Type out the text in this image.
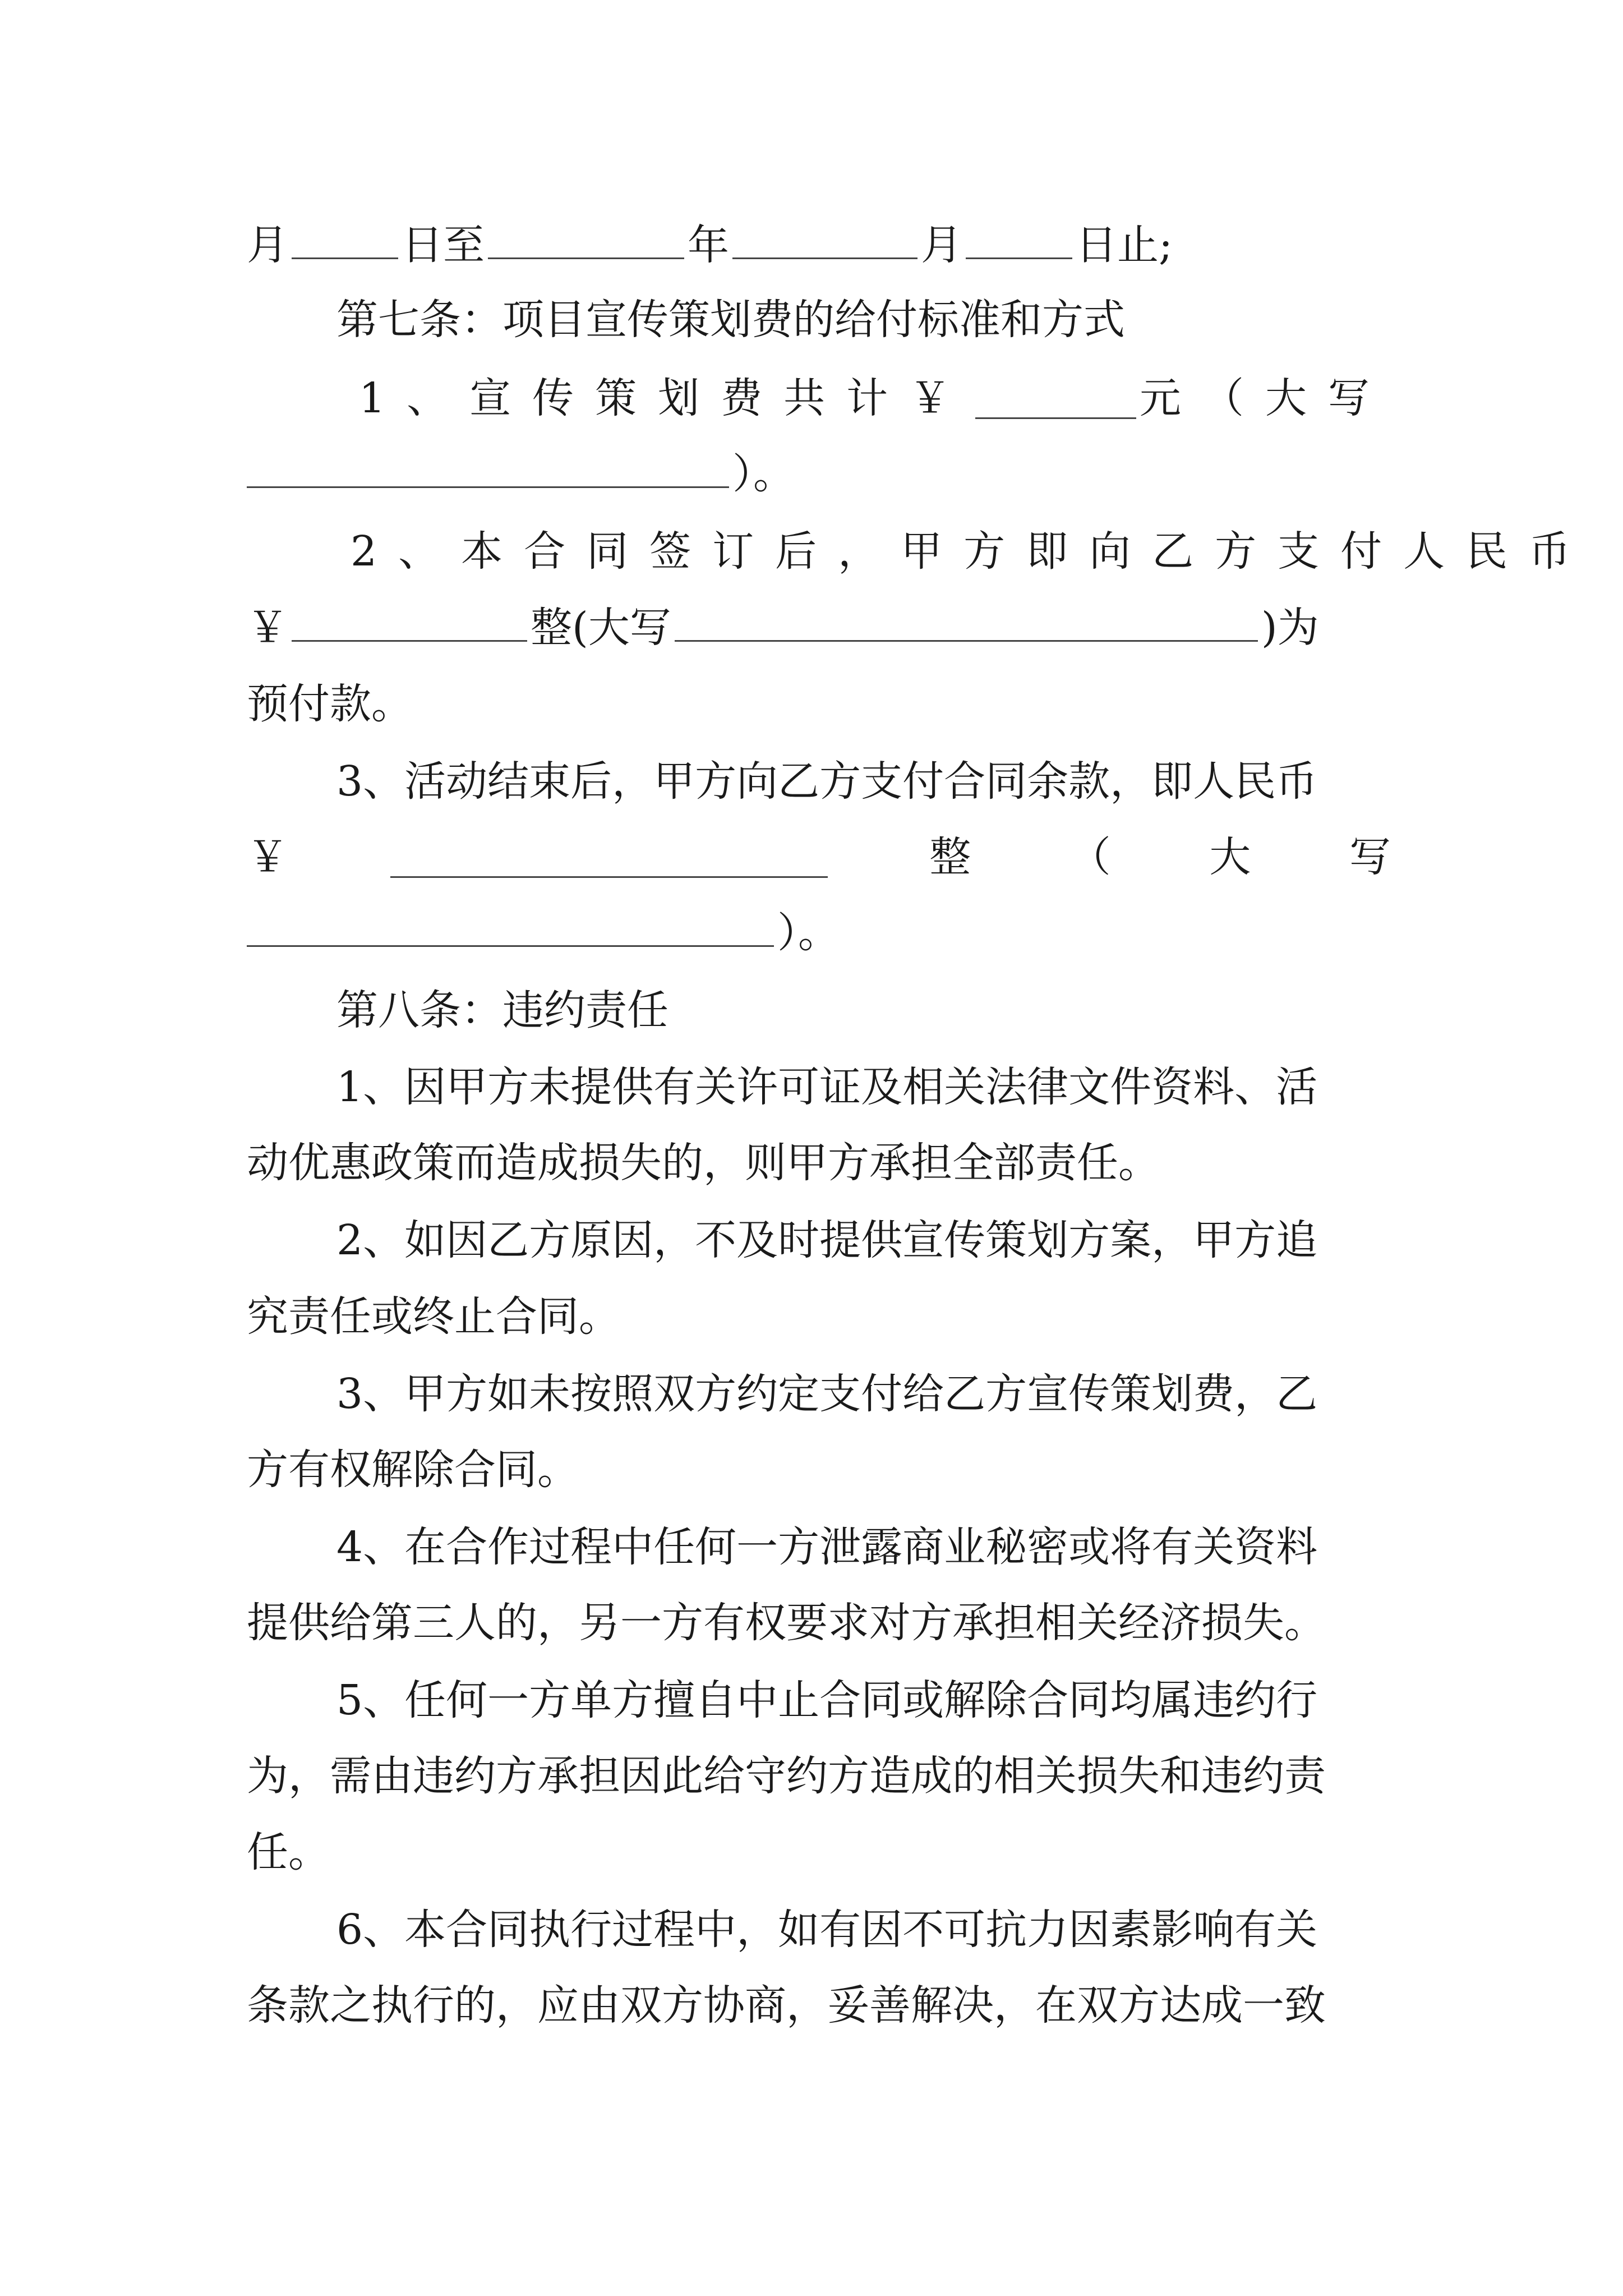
月	日至	年	月	日止;
第七条：项目宣传策划费的给付标准和方式
1、宣传策划费共计￥	元（大写
）。
2、本合同签订后，甲方即向乙方支付人民币
￥	整(大写	)为
预付款。
3、活动结束后，甲方向乙方支付合同余款，即人民币
￥	整 （ 大 写
）。
第八条：违约责任
1、因甲方未提供有关许可证及相关法律文件资料、活
动优惠政策而造成损失的，则甲方承担全部责任。
2、如因乙方原因，不及时提供宣传策划方案，甲方追
究责任或终止合同。
3、甲方如未按照双方约定支付给乙方宣传策划费，乙
方有权解除合同。
4、在合作过程中任何一方泄露商业秘密或将有关资料
提供给第三人的，另一方有权要求对方承担相关经济损失。
5、任何一方单方擅自中止合同或解除合同均属违约行
为，需由违约方承担因此给守约方造成的相关损失和违约责
任。
6、本合同执行过程中，如有因不可抗力因素影响有关
条款之执行的，应由双方协商，妥善解决，在双方达成一致
